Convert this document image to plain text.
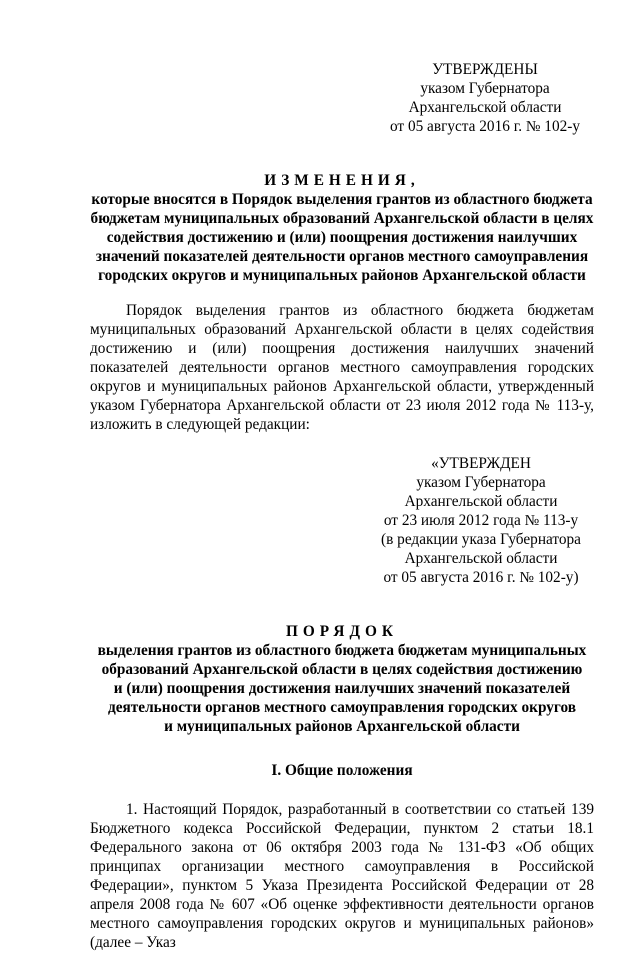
УТВЕРЖДЕНЫ
указом Губернатора
Архангельской области
от 05 августа 2016 г. № 102-у
ИЗМЕНЕНИЯ,
которые вносятся в Порядок выделения грантов из областного бюджета
бюджетам муниципальных образований Архангельской области в целях
содействия достижению и (или) поощрения достижения наилучших
значений показателей деятельности органов местного самоуправления
городских округов и муниципальных районов Архангельской области

Порядок выделения грантов из областного бюджета бюджетам муниципальных образований Архангельской области в целях содействия достижению и (или) поощрения достижения наилучших значений показателей деятельности органов местного самоуправления городских округов и муниципальных районов Архангельской области, утвержденный указом Губернатора Архангельской области от 23 июля 2012 года № 113-у, изложить в следующей редакции:

«УТВЕРЖДЕН
указом Губернатора
Архангельской области
от 23 июля 2012 года № 113-у
(в редакции указа Губернатора
Архангельской области
от 05 августа 2016 г. № 102-у)
ПОРЯДОК
выделения грантов из областного бюджета бюджетам муниципальных
образований Архангельской области в целях содействия достижению
и (или) поощрения достижения наилучших значений показателей
деятельности органов местного самоуправления городских округов
и муниципальных районов Архангельской области
I. Общие положения

1. Настоящий Порядок, разработанный в соответствии со статьей 139 Бюджетного кодекса Российской Федерации, пунктом 2 статьи 18.1 Федерального закона от 06 октября 2003 года № 131-ФЗ «Об общих принципах организации местного самоуправления в Российской Федерации», пунктом 5 Указа Президента Российской Федерации от 28 апреля 2008 года № 607 «Об оценке эффективности деятельности органов местного самоуправления городских округов и муниципальных районов» (далее – Указ
